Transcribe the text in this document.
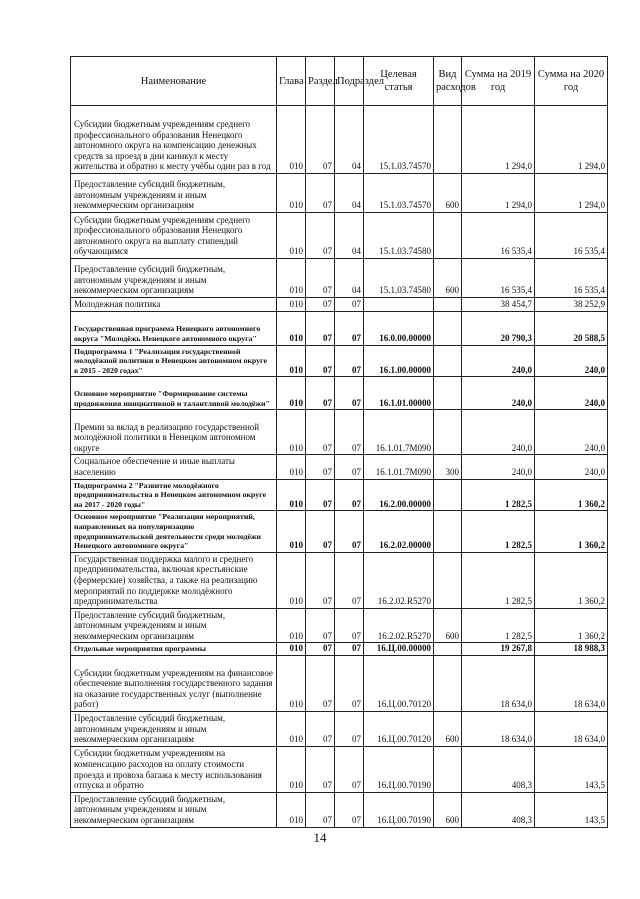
Наименование	Глава	Раздел	Подраздел	Целевая статья	Вид расходов	Сумма на 2019 год	Сумма на 2020 год
Субсидии бюджетным учреждениям среднего профессионального образования Ненецкого автономного округа на компенсацию денежных средств за проезд в дни каникул к месту жительства и обратно к месту учёбы один раз в год	010	07	04	15.1.03.74570		1 294,0	1 294,0
Предоставление субсидий бюджетным, автономным учреждениям и иным некоммерческим организациям	010	07	04	15.1.03.74570	600	1 294,0	1 294,0
Субсидии бюджетным учреждениям среднего профессионального образования Ненецкого автономного округа на выплату стипендий обучающимся	010	07	04	15.1.03.74580		16 535,4	16 535,4
Предоставление субсидий бюджетным, автономным учреждениям и иным некоммерческим организациям	010	07	04	15.1.03.74580	600	16 535,4	16 535,4
Молодежная политика	010	07	07			38 454,7	38 252,9
Государственная программа Ненецкого автономного округа "Молодёжь Ненецкого автономного округа"	010	07	07	16.0.00.00000		20 790,3	20 588,5
Подпрограмма 1 "Реализация государственной молодёжной политики в Ненецком автономном округе в 2015 - 2020 годах"	010	07	07	16.1.00.00000		240,0	240,0
Основное мероприятие "Формирование системы продвижения инициативной и талантливой молодёжи"	010	07	07	16.1.01.00000		240,0	240,0
Премии за вклад в реализацию государственной молодёжной политики в Ненецком автономном округе	010	07	07	16.1.01.7М090		240,0	240,0
Социальное обеспечение и иные выплаты населению	010	07	07	16.1.01.7М090	300	240,0	240,0
Подпрограмма 2 "Развитие молодёжного предпринимательства в Ненецком автономном округе на 2017 - 2020 годы"	010	07	07	16.2.00.00000		1 282,5	1 360,2
Основное мероприятие "Реализация мероприятий, направленных на популяризацию предпринимательской деятельности среди молодёжи Ненецкого автономного округа"	010	07	07	16.2.02.00000		1 282,5	1 360,2
Государственная поддержка малого и среднего предпринимательства, включая крестьянские (фермерские) хозяйства, а также на реализацию мероприятий по поддержке молодёжного предпринимательства	010	07	07	16.2.02.R5270		1 282,5	1 360,2
Предоставление субсидий бюджетным, автономным учреждениям и иным некоммерческим организациям	010	07	07	16.2.02.R5270	600	1 282,5	1 360,2
Отдельные мероприятия программы	010	07	07	16.Ц.00.00000		19 267,8	18 988,3
Субсидии бюджетным учреждениям на финансовое обеспечение выполнения государственного задания на оказание государственных услуг (выполнение работ)	010	07	07	16.Ц.00.70120		18 634,0	18 634,0
Предоставление субсидий бюджетным, автономным учреждениям и иным некоммерческим организациям	010	07	07	16.Ц.00.70120	600	18 634,0	18 634,0
Субсидии бюджетным учреждениям на компенсацию расходов на оплату стоимости проезда и провоза багажа к месту использования отпуска и обратно	010	07	07	16.Ц.00.70190		408,3	143,5
Предоставление субсидий бюджетным, автономным учреждениям и иным некоммерческим организациям	010	07	07	16.Ц.00.70190	600	408,3	143,5
14
